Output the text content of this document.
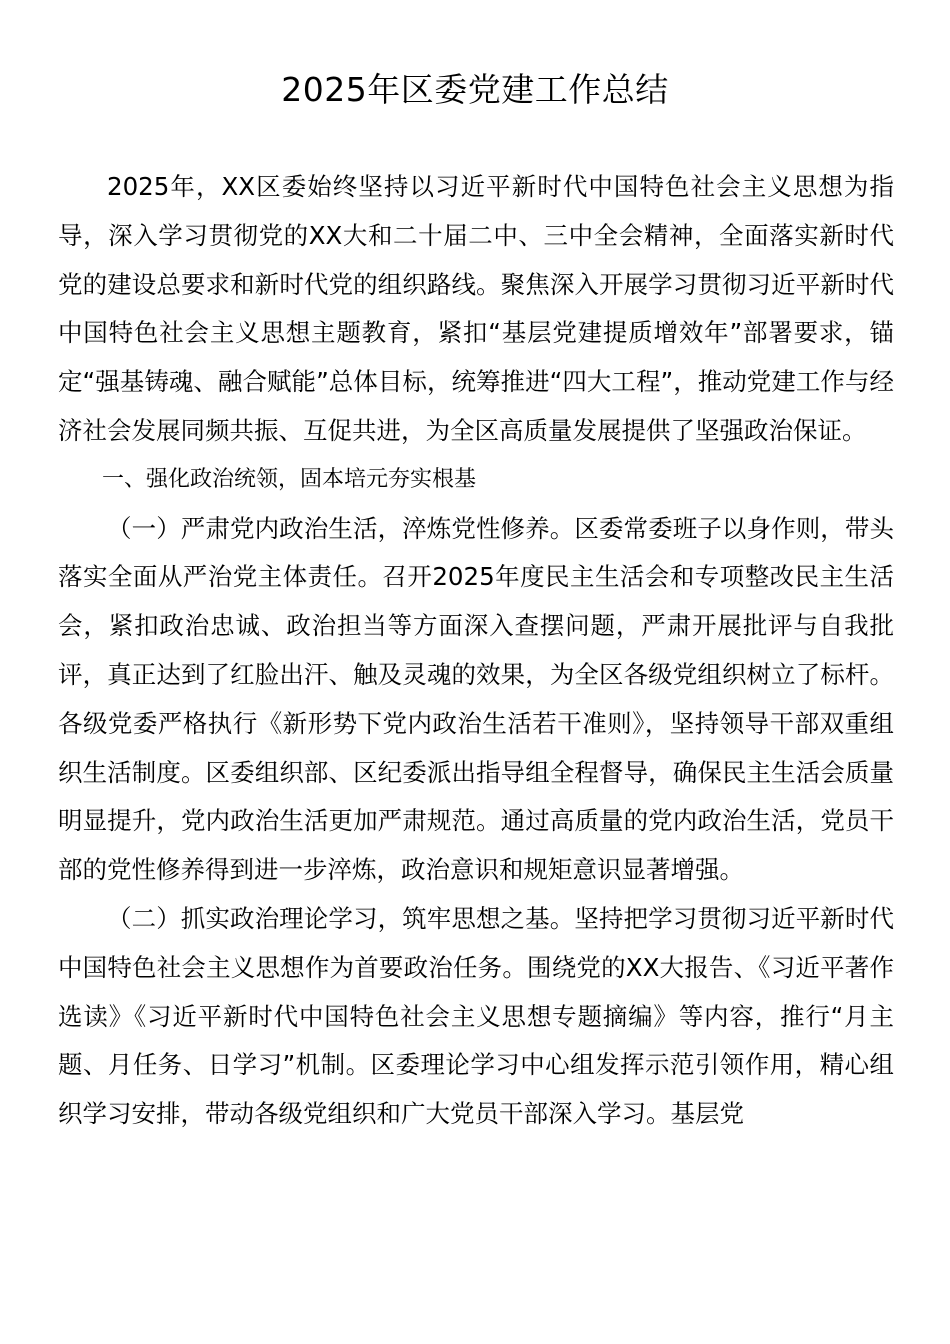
2025年区委党建工作总结

2025年，XX区委始终坚持以习近平新时代中国特色社会主义思想为指导，深入学习贯彻党的XX大和二十届二中、三中全会精神，全面落实新时代党的建设总要求和新时代党的组织路线。聚焦深入开展学习贯彻习近平新时代中国特色社会主义思想主题教育，紧扣“基层党建提质增效年”部署要求，锚定“强基铸魂、融合赋能”总体目标，统筹推进“四大工程”，推动党建工作与经济社会发展同频共振、互促共进，为全区高质量发展提供了坚强政治保证。

一、强化政治统领，固本培元夯实根基

（一）严肃党内政治生活，淬炼党性修养。区委常委班子以身作则，带头落实全面从严治党主体责任。召开2025年度民主生活会和专项整改民主生活会，紧扣政治忠诚、政治担当等方面深入查摆问题，严肃开展批评与自我批评，真正达到了红脸出汗、触及灵魂的效果，为全区各级党组织树立了标杆。各级党委严格执行《新形势下党内政治生活若干准则》，坚持领导干部双重组织生活制度。区委组织部、区纪委派出指导组全程督导，确保民主生活会质量明显提升，党内政治生活更加严肃规范。通过高质量的党内政治生活，党员干部的党性修养得到进一步淬炼，政治意识和规矩意识显著增强。

（二）抓实政治理论学习，筑牢思想之基。坚持把学习贯彻习近平新时代中国特色社会主义思想作为首要政治任务。围绕党的XX大报告、《习近平著作选读》《习近平新时代中国特色社会主义思想专题摘编》等内容，推行“月主题、月任务、日学习”机制。区委理论学习中心组发挥示范引领作用，精心组织学习安排，带动各级党组织和广大党员干部深入学习。基层党
